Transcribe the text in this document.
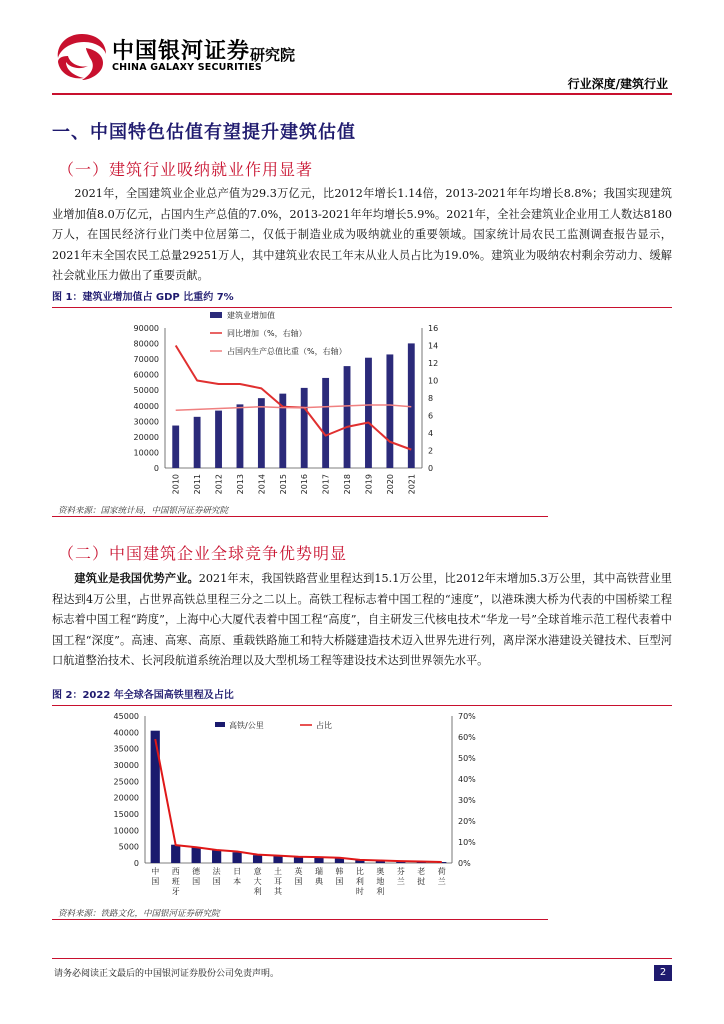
中国银河证券
CHINA GALAXY SECURITIES
研究院
行业深度/建筑行业
一、中国特色估值有望提升建筑估值
（一）建筑行业吸纳就业作用显著
2021年，全国建筑业企业总产值为29.3万亿元，比2012年增长1.14倍，2013-2021年年均增长8.8%；我国实现建筑业增加值8.0万亿元，占国内生产总值的7.0%，2013-2021年年均增长5.9%。2021年，全社会建筑业企业用工人数达8180万人，在国民经济行业门类中位居第二，仅低于制造业成为吸纳就业的重要领域。国家统计局农民工监测调查报告显示，2021年末全国农民工总量29251万人，其中建筑业农民工年末从业人员占比为19.0%。建筑业为吸纳农村剩余劳动力、缓解社会就业压力做出了重要贡献。
图 1：建筑业增加值占 GDP 比重约 7%
0
10000
20000
30000
40000
50000
60000
70000
80000
90000
0
2
4
6
8
10
12
14
16
2010 2011 2012 2013 2014 2015 2016 2017 2018 2019 2020 2021
建筑业增加值
同比增加（%，右轴）
占国内生产总值比重（%，右轴）
资料来源：国家统计局，中国银河证券研究院
（二）中国建筑企业全球竞争优势明显
建筑业是我国优势产业。2021年末，我国铁路营业里程达到15.1万公里，比2012年末增加5.3万公里，其中高铁营业里程达到4万公里，占世界高铁总里程三分之二以上。高铁工程标志着中国工程的“速度”，以港珠澳大桥为代表的中国桥梁工程标志着中国工程“跨度”，上海中心大厦代表着中国工程“高度”，自主研发三代核电技术“华龙一号”全球首堆示范工程代表着中国工程“深度”。高速、高寒、高原、重载铁路施工和特大桥隧建造技术迈入世界先进行列，离岸深水港建设关键技术、巨型河口航道整治技术、长河段航道系统治理以及大型机场工程等建设技术达到世界领先水平。
图 2：2022 年全球各国高铁里程及占比
0
5000
10000
15000
20000
25000
30000
35000
40000
45000
0%
10%
20%
30%
40%
50%
60%
70%
中
国
西
班
牙
德
国
法
国
日
本
意
大
利
土
耳
其
英
国
瑞
典
韩
国
比
利
时
奥
地
利
芬
兰
老
挝
荷
兰
高铁/公里	占比
资料来源：铁路文化，中国银河证券研究院
请务必阅读正文最后的中国银河证券股份公司免责声明。	2
